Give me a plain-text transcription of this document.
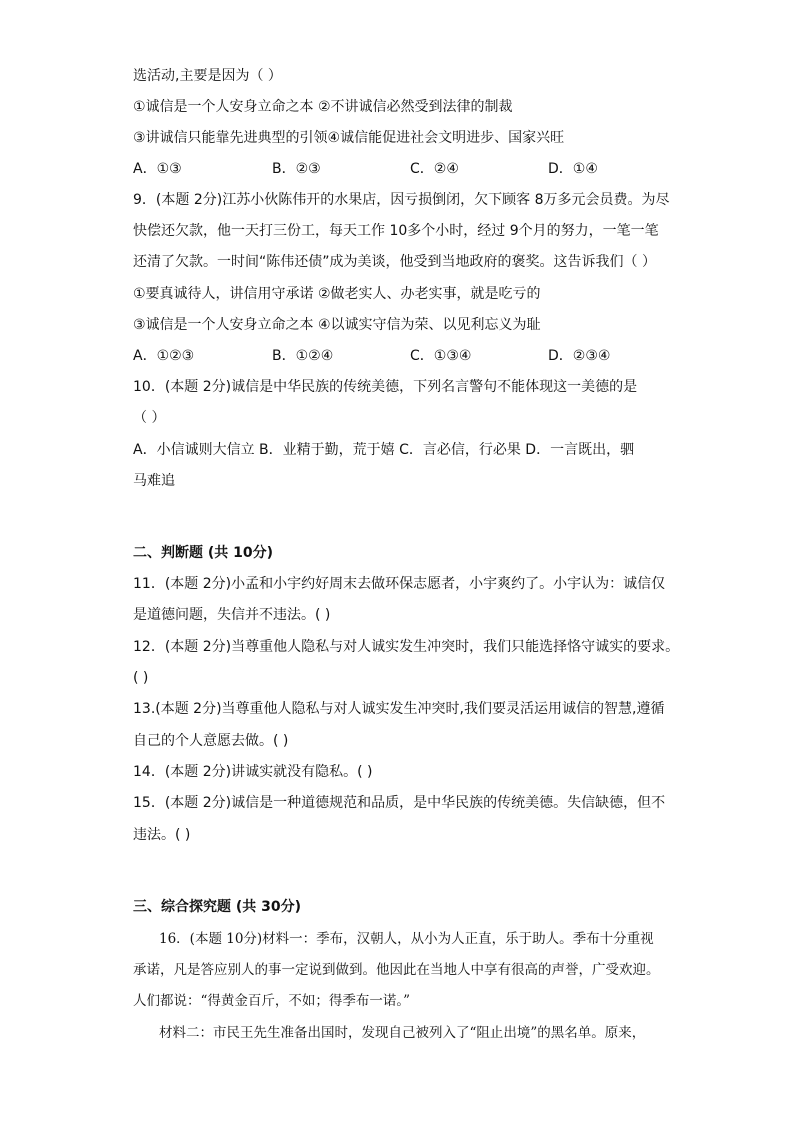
选活动,主要是因为（ ）
①诚信是一个人安身立命之本 ②不讲诚信必然受到法律的制裁
③讲诚信只能靠先进典型的引领④诚信能促进社会文明进步、国家兴旺
A．①③	B．②③	C．②④	D．①④
9．(本题 2分)江苏小伙陈伟开的水果店，因亏损倒闭，欠下顾客 8万多元会员费。为尽
快偿还欠款，他一天打三份工，每天工作 10多个小时，经过 9个月的努力，一笔一笔
还清了欠款。一时间“陈伟还债”成为美谈，他受到当地政府的褒奖。这告诉我们（ ）
①要真诚待人，讲信用守承诺 ②做老实人、办老实事，就是吃亏的
③诚信是一个人安身立命之本 ④以诚实守信为荣、以见利忘义为耻
A．①②③	B．①②④	C．①③④	D．②③④
10．(本题 2分)诚信是中华民族的传统美德，下列名言警句不能体现这一美德的是
（ ）
A．小信诚则大信立 B．业精于勤，荒于嬉 C．言必信，行必果 D．一言既出，驷
马难追
二、判断题 (共 10分)
11．(本题 2分)小孟和小宇约好周末去做环保志愿者，小宇爽约了。小宇认为：诚信仅
是道德问题，失信并不违法。( )
12．(本题 2分)当尊重他人隐私与对人诚实发生冲突时，我们只能选择恪守诚实的要求。
( )
13.(本题 2分)当尊重他人隐私与对人诚实发生冲突时,我们要灵活运用诚信的智慧,遵循
自己的个人意愿去做。( )
14．(本题 2分)讲诚实就没有隐私。( )
15．(本题 2分)诚信是一种道德规范和品质，是中华民族的传统美德。失信缺德，但不
违法。( )
三、综合探究题 (共 30分)
16．(本题 10分)材料一：季布，汉朝人，从小为人正直，乐于助人。季布十分重视
承诺，凡是答应别人的事一定说到做到。他因此在当地人中享有很高的声誉，广受欢迎。
人们都说：“得黄金百斤，不如；得季布一诺。”
材料二：市民王先生准备出国时，发现自己被列入了“阻止出境”的黑名单。原来，
